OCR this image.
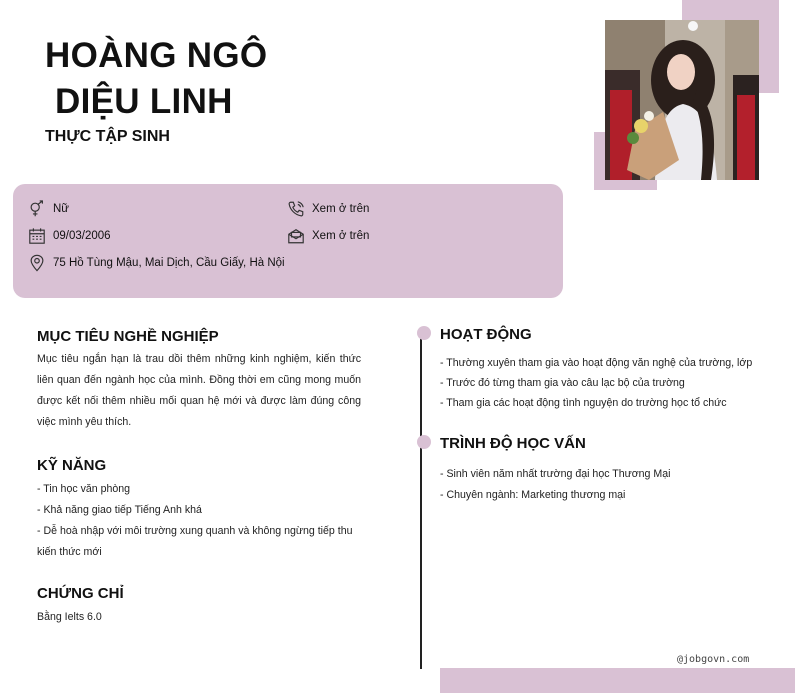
HOÀNG NGÔ
DIỆU LINH
THỰC TẬP SINH
Nữ	Xem ở trên
09/03/2006	Xem ở trên
75 Hồ Tùng Mậu, Mai Dịch, Cầu Giấy, Hà Nội
MỤC TIÊU NGHỀ NGHIỆP
Mục tiêu ngắn hạn là trau dồi thêm những kinh nghiệm, kiến thức liên quan đến ngành học của mình. Đồng thời em cũng mong muốn được kết nối thêm nhiều mối quan hệ mới và được làm đúng công việc mình yêu thích.
KỸ NĂNG
- Tin học văn phòng
- Khả năng giao tiếp Tiếng Anh khá
- Dễ hoà nhập với môi trường xung quanh và không ngừng tiếp thu kiến thức mới
CHỨNG CHỈ
Bằng Ielts 6.0
HOẠT ĐỘNG
- Thường xuyên tham gia vào hoạt động văn nghệ của trường, lớp
- Trước đó từng tham gia vào câu lạc bộ của trường
- Tham gia các hoạt động tình nguyện do trường học tổ chức
TRÌNH ĐỘ HỌC VẤN
- Sinh viên năm nhất trường đại học Thương Mại
- Chuyên ngành: Marketing thương mại
@jobgovn.com
